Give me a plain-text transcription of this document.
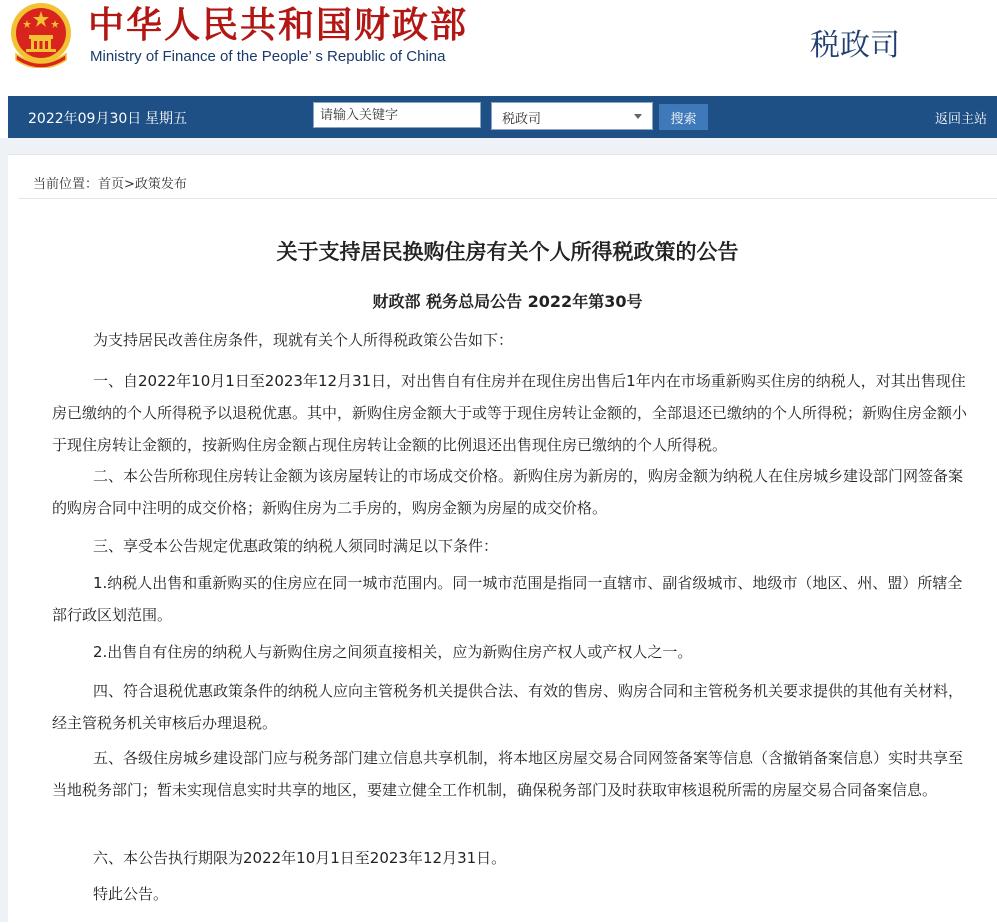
中华人民共和国财政部
Ministry of Finance of the People’ s Republic of China	税政司
2022年09月30日 星期五
请输入关键字	税政司	搜索	返回主站
当前位置：首页>政策发布
关于支持居民换购住房有关个人所得税政策的公告
财政部 税务总局公告 2022年第30号
为支持居民改善住房条件，现就有关个人所得税政策公告如下：
一、自2022年10月1日至2023年12月31日，对出售自有住房并在现住房出售后1年内在市场重新购买住房的纳税人，对其出售现住房已缴纳的个人所得税予以退税优惠。其中，新购住房金额大于或等于现住房转让金额的，全部退还已缴纳的个人所得税；新购住房金额小于现住房转让金额的，按新购住房金额占现住房转让金额的比例退还出售现住房已缴纳的个人所得税。
二、本公告所称现住房转让金额为该房屋转让的市场成交价格。新购住房为新房的，购房金额为纳税人在住房城乡建设部门网签备案的购房合同中注明的成交价格；新购住房为二手房的，购房金额为房屋的成交价格。
三、享受本公告规定优惠政策的纳税人须同时满足以下条件：
1.纳税人出售和重新购买的住房应在同一城市范围内。同一城市范围是指同一直辖市、副省级城市、地级市（地区、州、盟）所辖全部行政区划范围。
2.出售自有住房的纳税人与新购住房之间须直接相关，应为新购住房产权人或产权人之一。
四、符合退税优惠政策条件的纳税人应向主管税务机关提供合法、有效的售房、购房合同和主管税务机关要求提供的其他有关材料，经主管税务机关审核后办理退税。
五、各级住房城乡建设部门应与税务部门建立信息共享机制，将本地区房屋交易合同网签备案等信息（含撤销备案信息）实时共享至当地税务部门；暂未实现信息实时共享的地区，要建立健全工作机制，确保税务部门及时获取审核退税所需的房屋交易合同备案信息。
六、本公告执行期限为2022年10月1日至2023年12月31日。
特此公告。
